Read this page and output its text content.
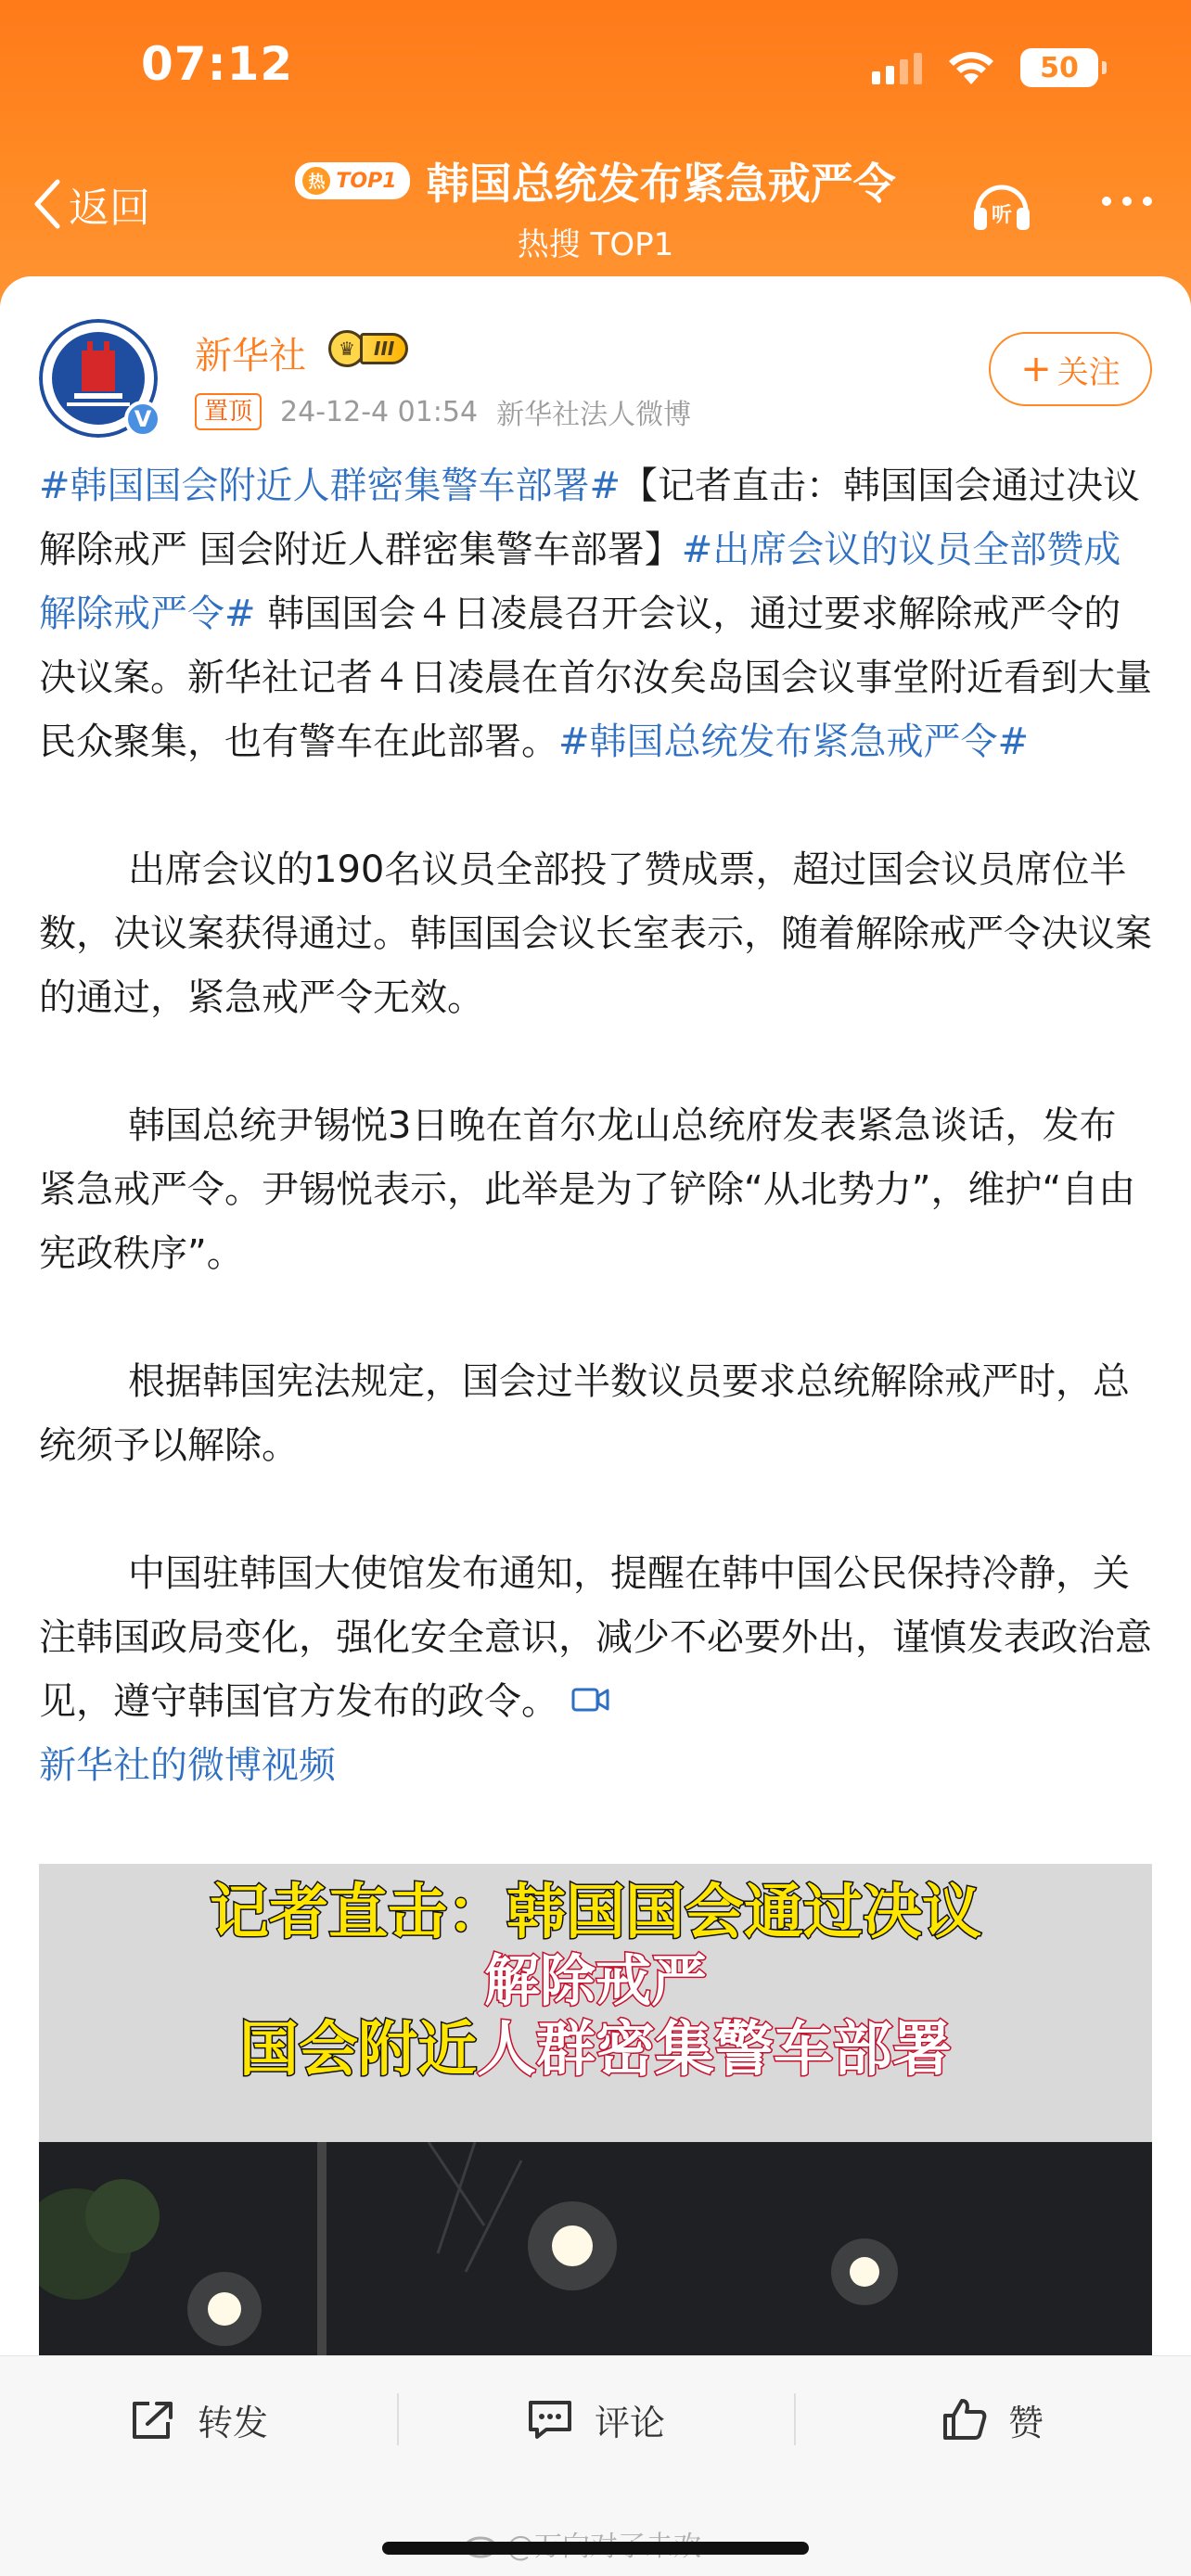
07:12	50
返回
热 TOP1 韩国总统发布紧急戒严令
热搜 TOP1
听
V
新华社	♛	III
置顶	24-12-4 01:54 新华社法人微博
+ 关注

#韩国国会附近人群密集警车部署#【记者直击：韩国国会通过决议解除戒严 国会附近人群密集警车部署】#出席会议的议员全部赞成解除戒严令# 韩国国会４日凌晨召开会议，通过要求解除戒严令的决议案。新华社记者４日凌晨在首尔汝矣岛国会议事堂附近看到大量民众聚集，也有警车在此部署。#韩国总统发布紧急戒严令#

出席会议的190名议员全部投了赞成票，超过国会议员席位半数，决议案获得通过。韩国国会议长室表示，随着解除戒严令决议案的通过，紧急戒严令无效。

韩国总统尹锡悦3日晚在首尔龙山总统府发表紧急谈话，发布紧急戒严令。尹锡悦表示，此举是为了铲除“从北势力”，维护“自由宪政秩序”。

根据韩国宪法规定，国会过半数议员要求总统解除戒严时，总统须予以解除。

中国驻韩国大使馆发布通知，提醒在韩中国公民保持冷静，关注韩国政局变化，强化安全意识，减少不必要外出，谨慎发表政治意见，遵守韩国官方发布的政令。
新华社的微博视频

记者直击：韩国国会通过决议
解除戒严
国会附近人群密集警车部署
转发	评论	赞
